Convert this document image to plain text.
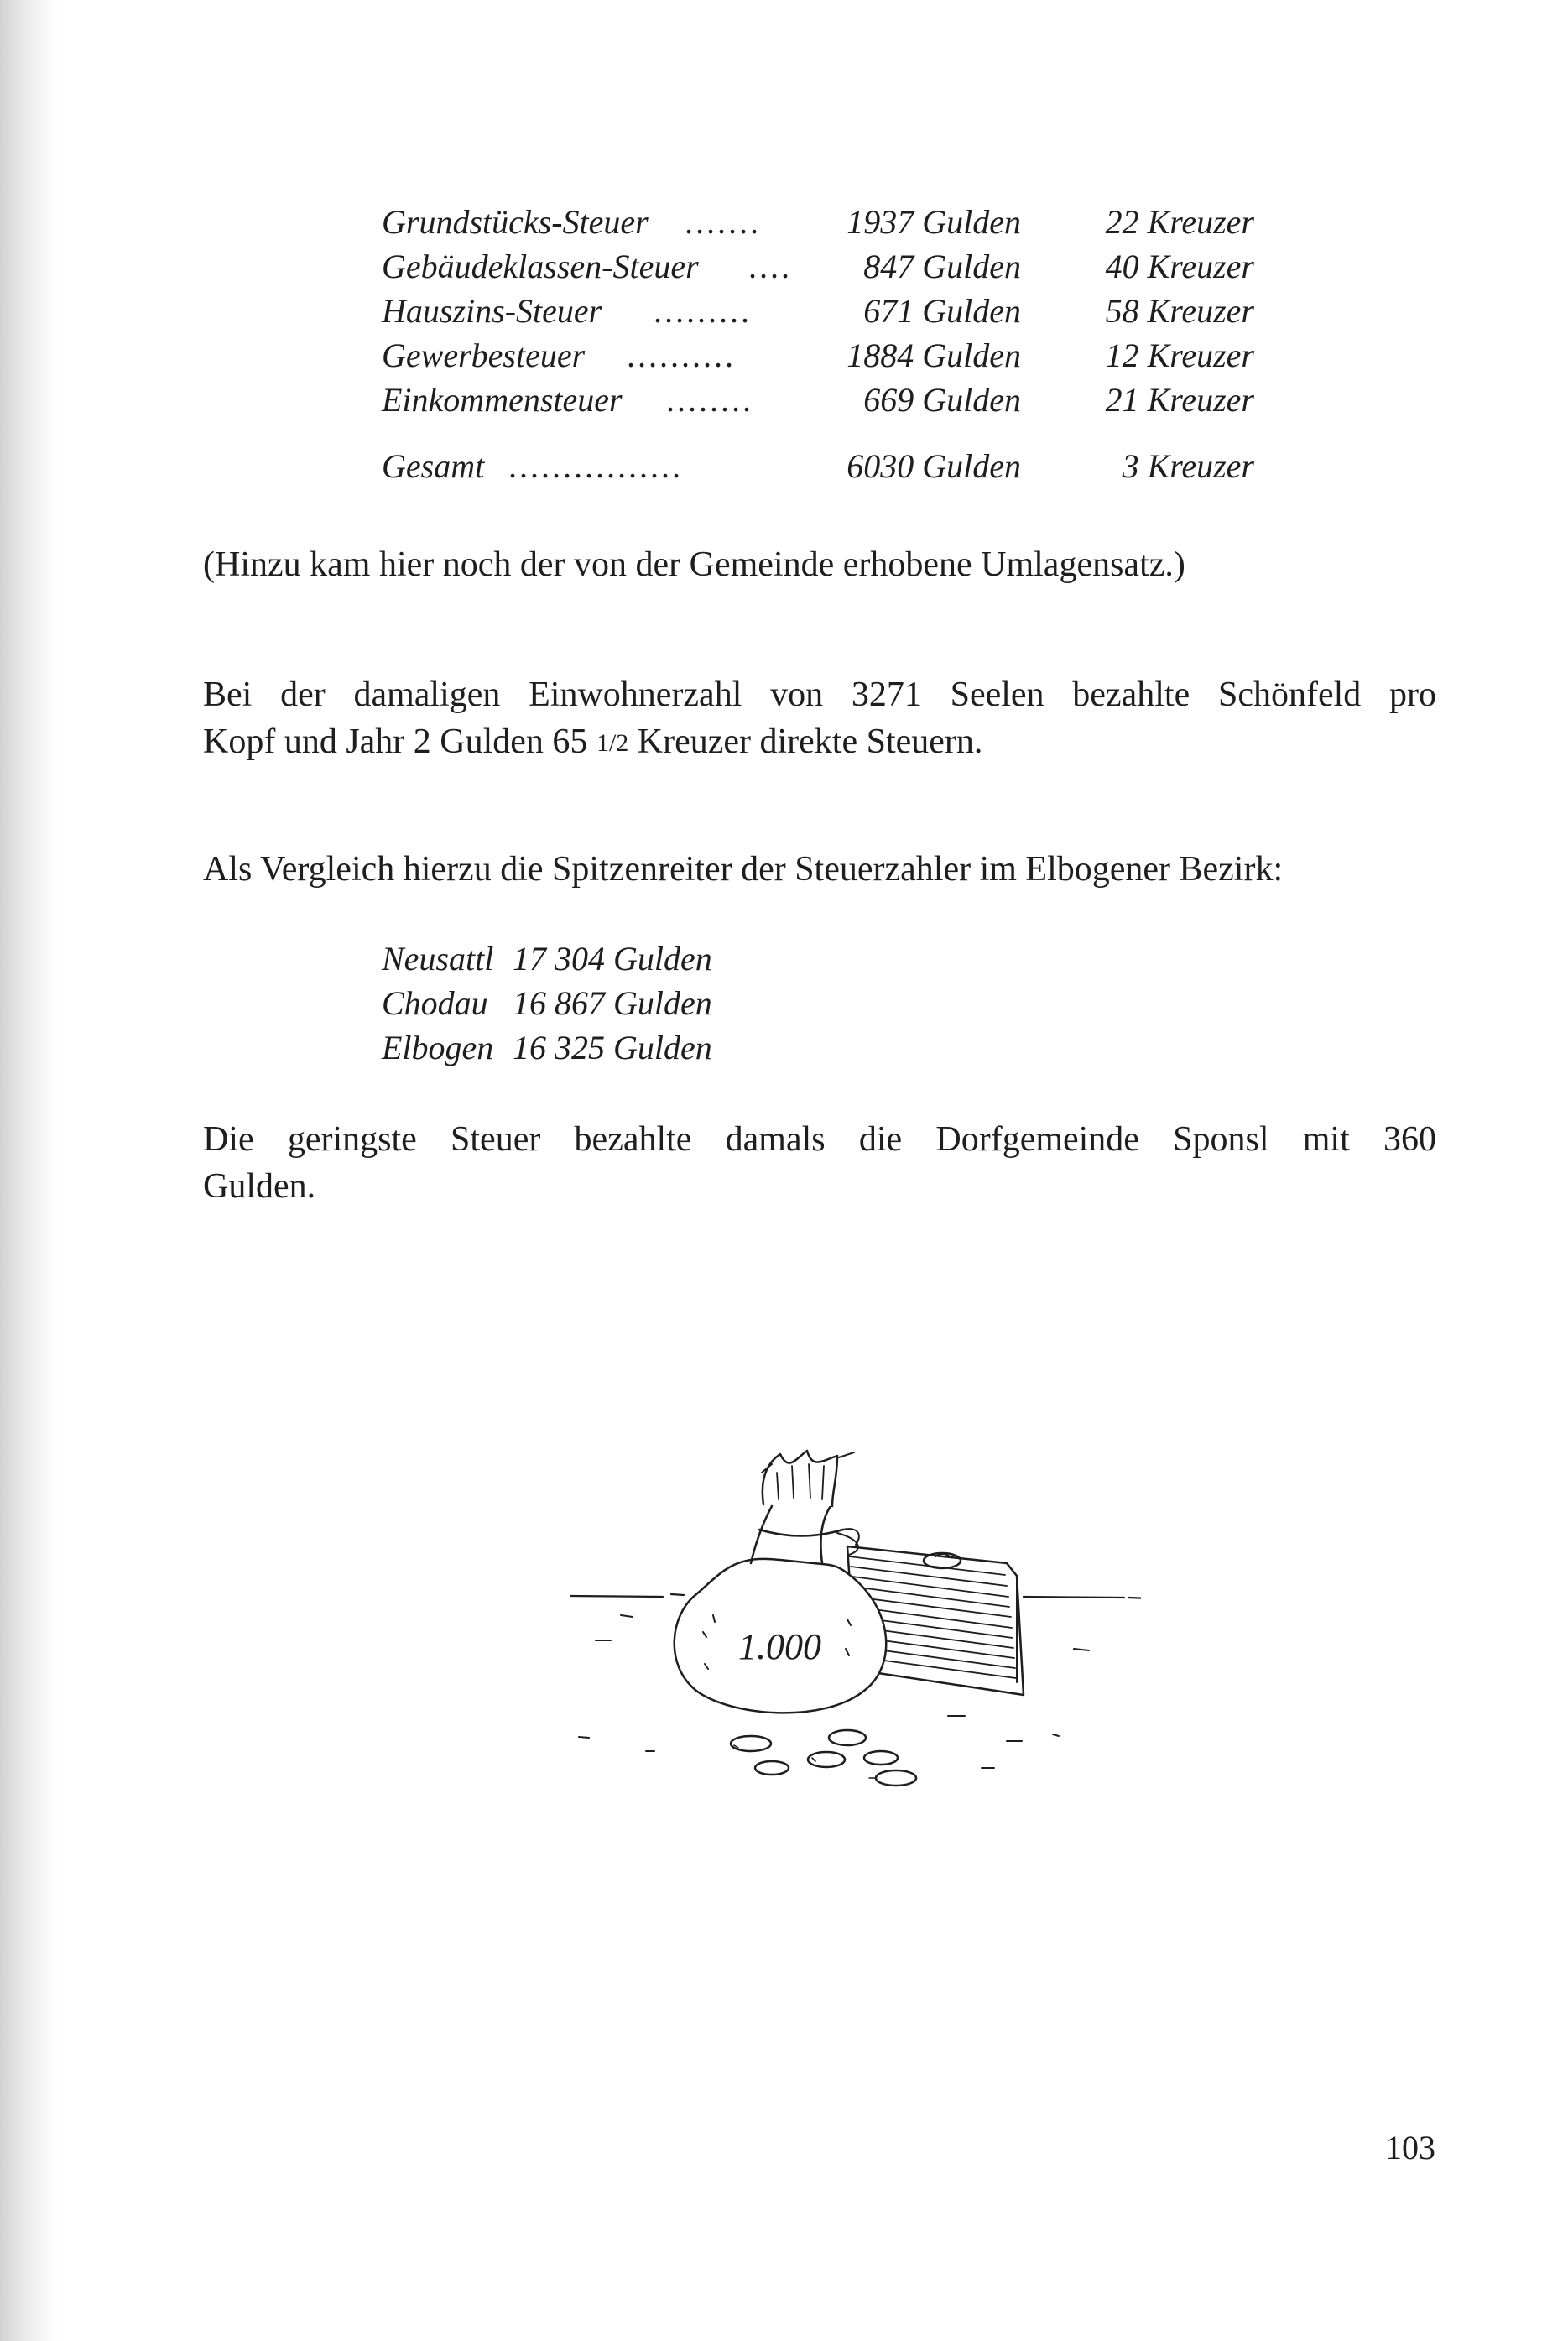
Grundstücks-Steuer .......	1937 Gulden	22 Kreuzer
Gebäudeklassen-Steuer .... 847 Gulden	40 Kreuzer
Hauszins-Steuer .........	671 Gulden	58 Kreuzer
Gewerbesteuer ..........	1884 Gulden	12 Kreuzer
Einkommensteuer ........	669 Gulden	21 Kreuzer
Gesamt ................	6030 Gulden	3 Kreuzer
(Hinzu kam hier noch der von der Gemeinde erhobene Umlagensatz.)
Bei der damaligen Einwohnerzahl von 3271 Seelen bezahlte Schönfeld pro
Kopf und Jahr 2 Gulden 65 1/2 Kreuzer direkte Steuern.
Als Vergleich hierzu die Spitzenreiter der Steuerzahler im Elbogener Bezirk:
Neusattl 17 304 Gulden
Chodau 16 867 Gulden
Elbogen 16 325 Gulden
Die geringste Steuer bezahlte damals die Dorfgemeinde Sponsl mit 360
Gulden.
1.000
103
